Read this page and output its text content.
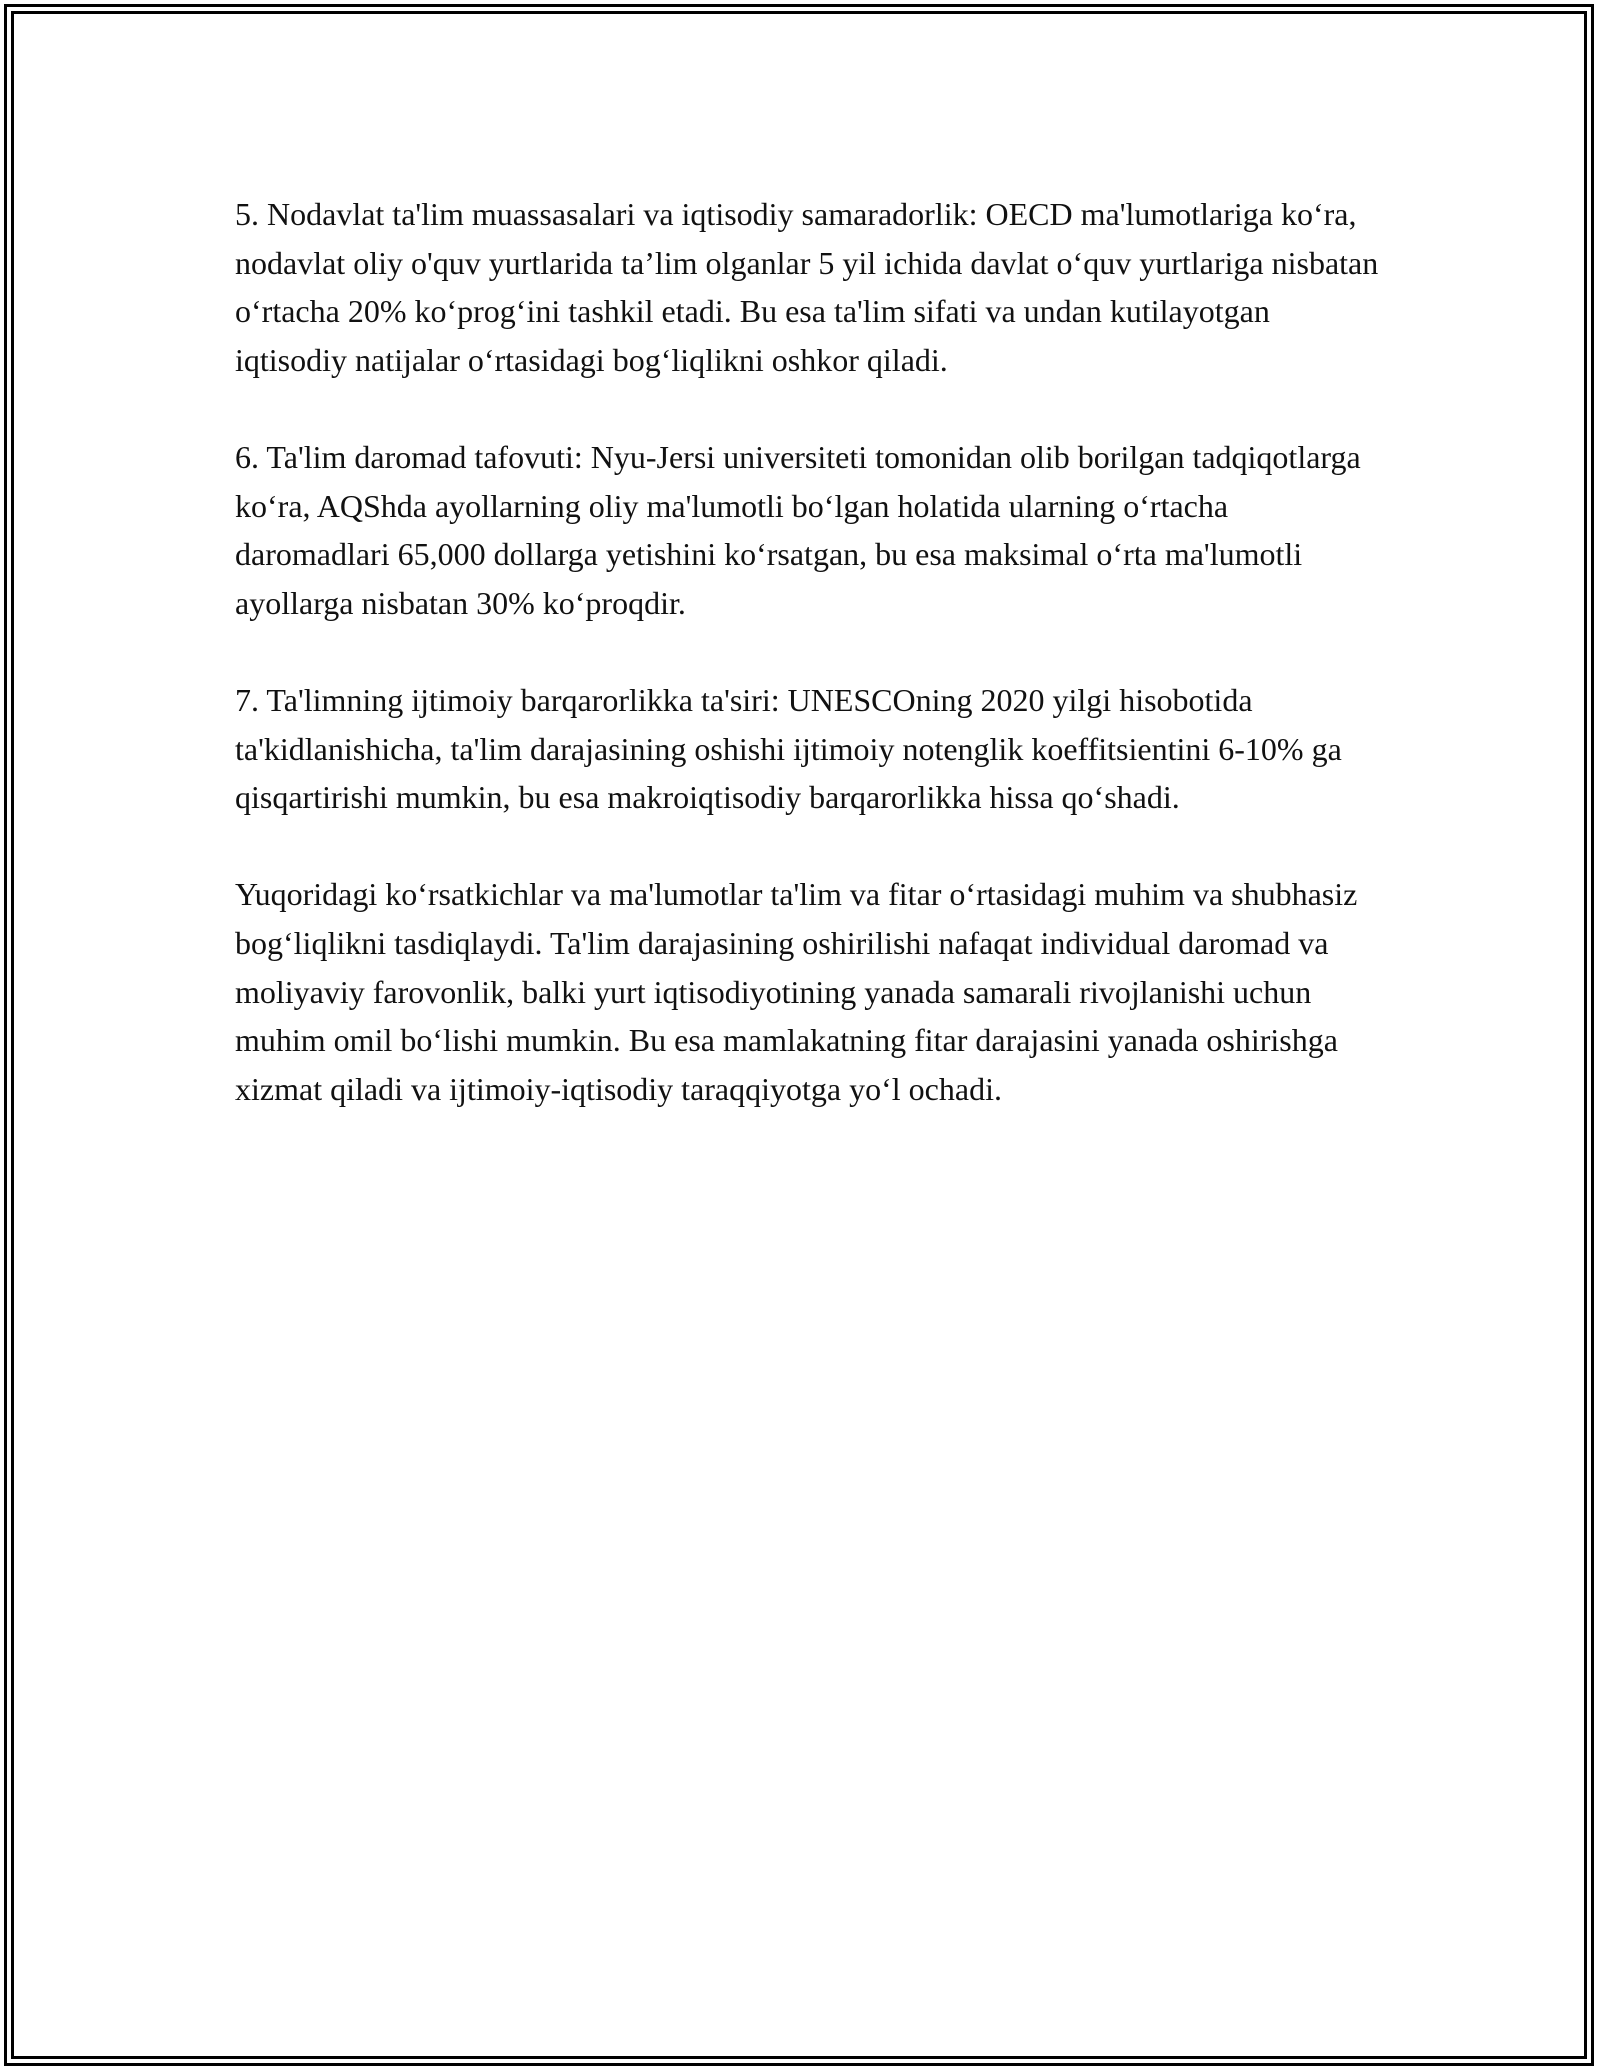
5. Nodavlat ta'lim muassasalari va iqtisodiy samaradorlik: OECD ma'lumotlariga ko‘ra, nodavlat oliy o'quv yurtlarida ta’lim olganlar 5 yil ichida davlat o‘quv yurtlariga nisbatan o‘rtacha 20% ko‘prog‘ini tashkil etadi. Bu esa ta'lim sifati va undan kutilayotgan iqtisodiy natijalar o‘rtasidagi bog‘liqlikni oshkor qiladi.

6. Ta'lim daromad tafovuti: Nyu-Jersi universiteti tomonidan olib borilgan tadqiqotlarga ko‘ra, AQShda ayollarning oliy ma'lumotli bo‘lgan holatida ularning o‘rtacha daromadlari 65,000 dollarga yetishini ko‘rsatgan, bu esa maksimal o‘rta ma'lumotli ayollarga nisbatan 30% ko‘proqdir.

7. Ta'limning ijtimoiy barqarorlikka ta'siri: UNESCOning 2020 yilgi hisobotida ta'kidlanishicha, ta'lim darajasining oshishi ijtimoiy notenglik koeffitsientini 6-10% ga qisqartirishi mumkin, bu esa makroiqtisodiy barqarorlikka hissa qo‘shadi.

Yuqoridagi ko‘rsatkichlar va ma'lumotlar ta'lim va fitar o‘rtasidagi muhim va shubhasiz bog‘liqlikni tasdiqlaydi. Ta'lim darajasining oshirilishi nafaqat individual daromad va moliyaviy farovonlik, balki yurt iqtisodiyotining yanada samarali rivojlanishi uchun muhim omil bo‘lishi mumkin. Bu esa mamlakatning fitar darajasini yanada oshirishga xizmat qiladi va ijtimoiy-iqtisodiy taraqqiyotga yo‘l ochadi.
